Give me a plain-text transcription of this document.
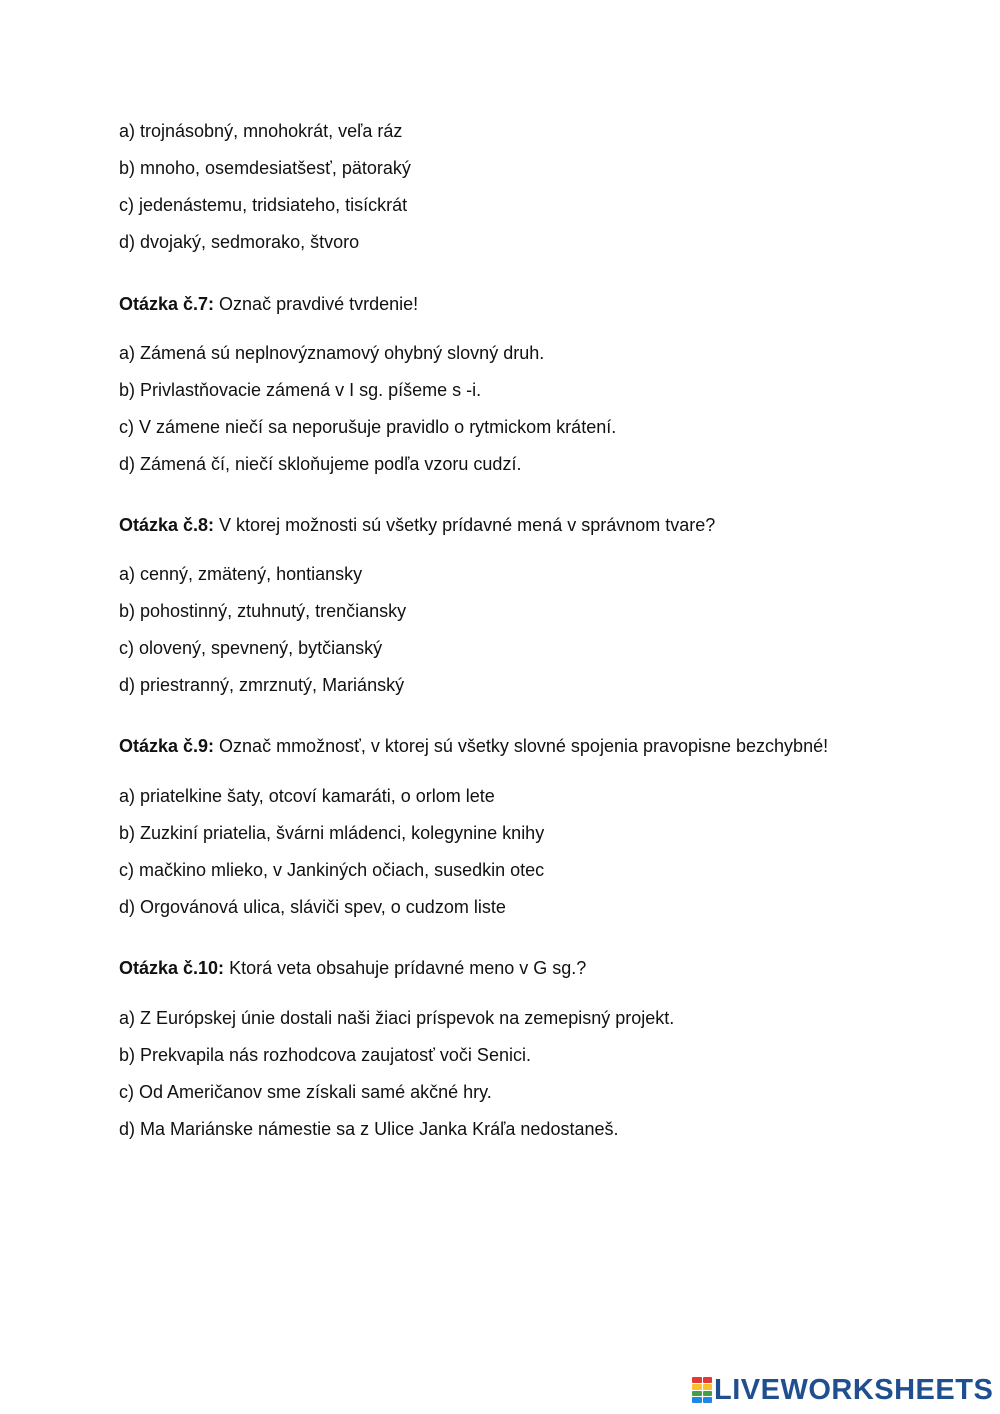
a) trojnásobný, mnohokrát, veľa ráz
b) mnoho, osemdesiatšesť, pätoraký
c) jedenástemu, tridsiateho, tisíckrát
d) dvojaký, sedmorako, štvoro
Otázka č.7: Označ pravdivé tvrdenie!
a) Zámená sú neplnovýznamový ohybný slovný druh.
b) Privlastňovacie zámená v I sg. píšeme s -i.
c) V zámene niečí sa neporušuje pravidlo o rytmickom krátení.
d) Zámená čí, niečí skloňujeme podľa vzoru cudzí.
Otázka č.8: V ktorej možnosti sú všetky prídavné mená v správnom tvare?
a) cenný, zmätený, hontiansky
b) pohostinný, ztuhnutý, trenčiansky
c) olovený, spevnený, bytčianský
d) priestranný, zmrznutý, Mariánský
Otázka č.9: Označ mmožnosť, v ktorej sú všetky slovné spojenia pravopisne bezchybné!
a) priatelkine šaty, otcoví kamaráti, o orlom lete
b) Zuzkiní priatelia, švárni mládenci, kolegynine knihy
c) mačkino mlieko, v Jankiných očiach, susedkin otec
d) Orgovánová ulica, slávi​či spev, o cudzom liste
Otázka č.10: Ktorá veta obsahuje prídavné meno v G sg.?
a) Z Európskej únie dostali naši žiaci príspevok na zemepisný projekt.
b) Prekvapila nás rozhodcova zaujatosť voči Senici.
c) Od Američanov sme získali samé akčné hry.
d) Ma Mariánske námestie sa z Ulice Janka Kráľa nedostaneš.
LIVEWORKSHEETS
